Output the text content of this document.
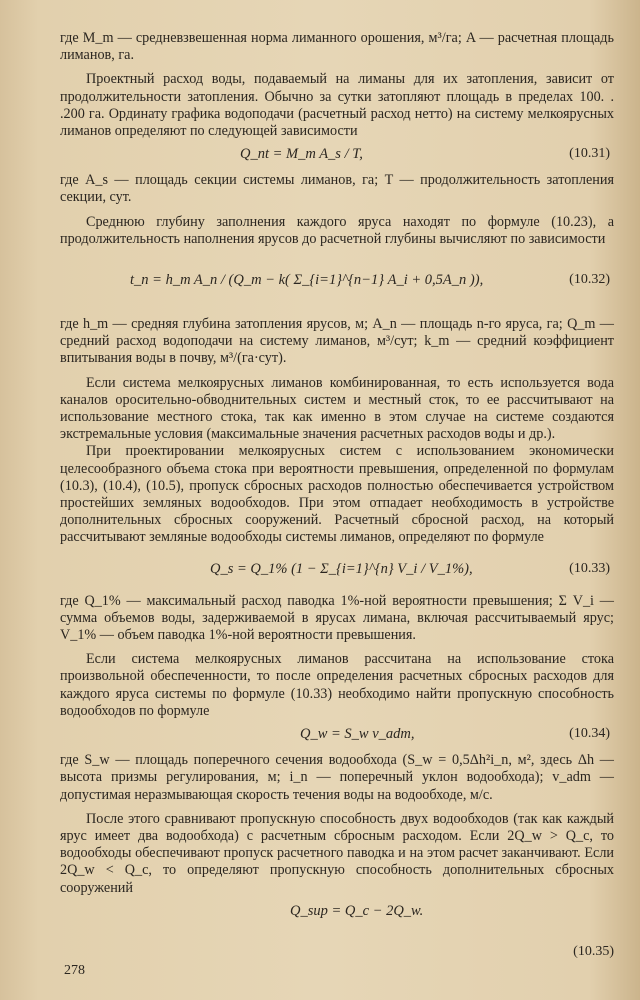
где M_m — средневзвешенная норма лиманного орошения, м³/га; A — расчетная площадь лиманов, га.

Проектный расход воды, подаваемый на лиманы для их затопления, зависит от продолжительности затопления. Обычно за сутки затопляют площадь в пределах 100. . .200 га. Ординату графика водоподачи (расчетный расход нетто) на систему мелкоярусных лиманов определяют по следующей зависимости

Q_nt = M_m A_s / T,	(10.31)

где A_s — площадь секции системы лиманов, га; T — продолжительность затопления секции, сут.

Среднюю глубину заполнения каждого яруса находят по формуле (10.23), а продолжительность наполнения ярусов до расчетной глубины вычисляют по зависимости

t_n = h_m A_n / (Q_m − k( Σ_{i=1}^{n−1} A_i + 0,5A_n )),	(10.32)

где h_m — средняя глубина затопления ярусов, м; A_n — площадь n-го яруса, га; Q_m — средний расход водоподачи на систему лиманов, м³/сут; k_m — средний коэффициент впитывания воды в почву, м³/(га·сут).

Если система мелкоярусных лиманов комбинированная, то есть используется вода каналов оросительно-обводнительных систем и местный сток, то ее рассчитывают на использование местного стока, так как именно в этом случае на системе создаются экстремальные условия (максимальные значения расчетных расходов воды и др.).

При проектировании мелкоярусных систем с использованием экономически целесообразного объема стока при вероятности превышения, определенной по формулам (10.3), (10.4), (10.5), пропуск сбросных расходов полностью обеспечивается устройством простейших земляных водообходов. При этом отпадает необходимость в устройстве дополнительных сбросных сооружений. Расчетный сбросной расход, на который рассчитывают земляные водообходы системы лиманов, определяют по формуле

Q_s = Q_1% (1 − Σ_{i=1}^{n} V_i / V_1%),	(10.33)

где Q_1% — максимальный расход паводка 1%-ной вероятности превышения; Σ V_i — сумма объемов воды, задерживаемой в ярусах лимана, включая рассчитываемый ярус; V_1% — объем паводка 1%-ной вероятности превышения.

Если система мелкоярусных лиманов рассчитана на использование стока произвольной обеспеченности, то после определения расчетных сбросных расходов для каждого яруса системы по формуле (10.33) необходимо найти пропускную способность водообходов по формуле

Q_w = S_w v_adm,	(10.34)

где S_w — площадь поперечного сечения водообхода (S_w = 0,5Δh²i_n, м², здесь Δh — высота призмы регулирования, м; i_n — поперечный уклон водообхода); v_adm — допустимая неразмывающая скорость течения воды на водообходе, м/с.

После этого сравнивают пропускную способность двух водообходов (так как каждый ярус имеет два водообхода) с расчетным сбросным расходом. Если 2Q_w > Q_c, то водообходы обеспечивают пропуск расчетного паводка и на этом расчет заканчивают. Если 2Q_w < Q_c, то определяют пропускную способность дополнительных сбросных сооружений

Q_sup = Q_c − 2Q_w.
(10.35)
278
